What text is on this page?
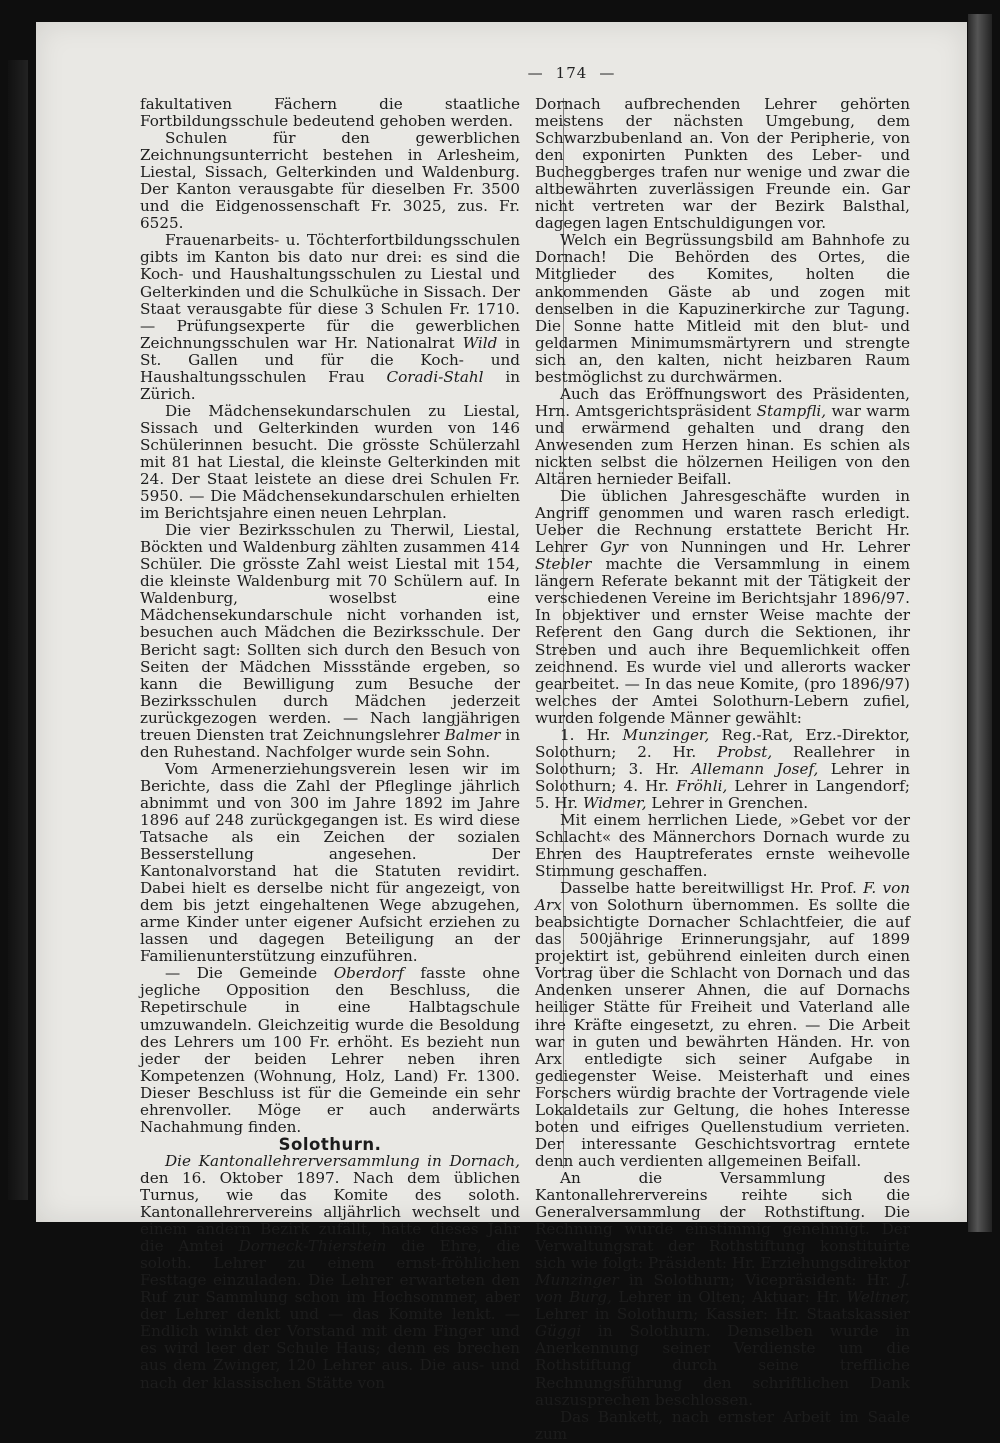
— 174 —

fakultativen Fächern die staatliche Fortbildungsschule bedeutend gehoben werden.

Schulen für den gewerblichen Zeichnungsunterricht bestehen in Arlesheim, Liestal, Sissach, Gelterkinden und Waldenburg. Der Kanton verausgabte für dieselben Fr. 3500 und die Eidgenossenschaft Fr. 3025, zus. Fr. 6525.

Frauenarbeits- u. Töchterfortbildungsschulen gibts im Kanton bis dato nur drei: es sind die Koch- und Haushaltungsschulen zu Liestal und Gelterkinden und die Schulküche in Sissach. Der Staat verausgabte für diese 3 Schulen Fr. 1710. — Prüfungsexperte für die gewerblichen Zeichnungsschulen war Hr. Nationalrat Wild in St. Gallen und für die Koch- und Haushaltungsschulen Frau Coradi-Stahl in Zürich.

Die Mädchensekundarschulen zu Liestal, Sissach und Gelterkinden wurden von 146 Schülerinnen besucht. Die grösste Schülerzahl mit 81 hat Liestal, die kleinste Gelterkinden mit 24. Der Staat leistete an diese drei Schulen Fr. 5950. — Die Mädchensekundarschulen erhielten im Berichtsjahre einen neuen Lehrplan.

Die vier Bezirksschulen zu Therwil, Liestal, Böckten und Waldenburg zählten zusammen 414 Schüler. Die grösste Zahl weist Liestal mit 154, die kleinste Waldenburg mit 70 Schülern auf. In Waldenburg, woselbst eine Mädchensekundarschule nicht vorhanden ist, besuchen auch Mädchen die Bezirksschule. Der Bericht sagt: Sollten sich durch den Besuch von Seiten der Mädchen Missstände ergeben, so kann die Bewilligung zum Besuche der Bezirksschulen durch Mädchen jederzeit zurückgezogen werden. — Nach langjährigen treuen Diensten trat Zeichnungslehrer Balmer in den Ruhestand. Nachfolger wurde sein Sohn.

Vom Armenerziehungsverein lesen wir im Berichte, dass die Zahl der Pfleglinge jährlich abnimmt und von 300 im Jahre 1892 im Jahre 1896 auf 248 zurückgegangen ist. Es wird diese Tatsache als ein Zeichen der sozialen Besserstellung angesehen. Der Kantonalvorstand hat die Statuten revidirt. Dabei hielt es derselbe nicht für angezeigt, von dem bis jetzt eingehaltenen Wege abzugehen, arme Kinder unter eigener Aufsicht erziehen zu lassen und dagegen Beteiligung an der Familienunterstützung einzuführen.

— Die Gemeinde Oberdorf fasste ohne jegliche Opposition den Beschluss, die Repetirschule in eine Halbtagschule umzuwandeln. Gleichzeitig wurde die Besoldung des Lehrers um 100 Fr. erhöht. Es bezieht nun jeder der beiden Lehrer neben ihren Kompetenzen (Wohnung, Holz, Land) Fr. 1300. Dieser Beschluss ist für die Gemeinde ein sehr ehrenvoller. Möge er auch anderwärts Nachahmung finden.

Solothurn.

Die Kantonallehrerversammlung in Dornach, den 16. Oktober 1897. Nach dem üblichen Turnus, wie das Komite des soloth. Kantonallehrervereins alljährlich wechselt und einem andern Bezirk zufällt, hatte dieses Jahr die Amtei Dorneck-Thierstein die Ehre, die soloth. Lehrer zu einem ernst-fröhlichen Festtage einzuladen. Die Lehrer erwarteten den Ruf zur Sammlung schon im Hochsommer, aber der Lehrer denkt und — das Komite lenkt. — Endlich winkt der Vorstand mit dem Finger und es wird leer der Schule Haus; denn es brechen aus dem Zwinger, 120 Lehrer aus. Die aus- und nach der klassischen Stätte von

Dornach aufbrechenden Lehrer gehörten meistens der nächsten Umgebung, dem Schwarzbubenland an. Von der Peripherie, von den exponirten Punkten des Leber- und Bucheggberges trafen nur wenige und zwar die altbewährten zuverlässigen Freunde ein. Gar nicht vertreten war der Bezirk Balsthal, dagegen lagen Entschuldigungen vor.

Welch ein Begrüssungsbild am Bahnhofe zu Dornach! Die Behörden des Ortes, die Mitglieder des Komites, holten die ankommenden Gäste ab und zogen mit denselben in die Kapuzinerkirche zur Tagung. Die Sonne hatte Mitleid mit den blut- und geldarmen Minimumsmärtyrern und strengte sich an, den kalten, nicht heizbaren Raum bestmöglichst zu durchwärmen.

Auch das Eröffnungswort des Präsidenten, Hrn. Amtsgerichtspräsident Stampfli, war warm und erwärmend gehalten und drang den Anwesenden zum Herzen hinan. Es schien als nickten selbst die hölzernen Heiligen von den Altären hernieder Beifall.

Die üblichen Jahresgeschäfte wurden in Angriff genommen und waren rasch erledigt. Ueber die Rechnung erstattete Bericht Hr. Lehrer Gyr von Nunningen und Hr. Lehrer Stebler machte die Versammlung in einem längern Referate bekannt mit der Tätigkeit der verschiedenen Vereine im Berichtsjahr 1896/97. In objektiver und ernster Weise machte der Referent den Gang durch die Sektionen, ihr Streben und auch ihre Bequemlichkeit offen zeichnend. Es wurde viel und allerorts wacker gearbeitet. — In das neue Komite, (pro 1896/97) welches der Amtei Solothurn-Lebern zufiel, wurden folgende Männer gewählt:

1. Hr. Munzinger, Reg.-Rat, Erz.-Direktor, Solothurn; 2. Hr. Probst, Reallehrer in Solothurn; 3. Hr. Allemann Josef, Lehrer in Solothurn; 4. Hr. Fröhli, Lehrer in Langendorf; 5. Hr. Widmer, Lehrer in Grenchen.

Mit einem herrlichen Liede, »Gebet vor der Schlacht« des Männerchors Dornach wurde zu Ehren des Hauptreferates ernste weihevolle Stimmung geschaffen.

Dasselbe hatte bereitwilligst Hr. Prof. F. von Arx von Solothurn übernommen. Es sollte die beabsichtigte Dornacher Schlachtfeier, die auf das 500jährige Erinnerungsjahr, auf 1899 projektirt ist, gebührend einleiten durch einen Vortrag über die Schlacht von Dornach und das Andenken unserer Ahnen, die auf Dornachs heiliger Stätte für Freiheit und Vaterland alle ihre Kräfte eingesetzt, zu ehren. — Die Arbeit war in guten und bewährten Händen. Hr. von Arx entledigte sich seiner Aufgabe in gediegenster Weise. Meisterhaft und eines Forschers würdig brachte der Vortragende viele Lokaldetails zur Geltung, die hohes Interesse boten und eifriges Quellenstudium verrieten. Der interessante Geschichtsvortrag erntete denn auch verdienten allgemeinen Beifall.

An die Versammlung des Kantonallehrervereins reihte sich die Generalversammlung der Rothstiftung. Die Rechnung wurde einstimmig genehmigt. Der Verwaltungsrat der Rothstiftung konstituirte sich wie folgt: Präsident: Hr. Erziehungsdirektor Munzinger in Solothurn; Vicepräsident: Hr. J. von Burg, Lehrer in Olten; Aktuar: Hr. Weltner, Lehrer in Solothurn; Kassier: Hr. Staatskassier Güggi in Solothurn. Demselben wurde in Anerkennung seiner Verdienste um die Rothstiftung durch seine treffliche Rechnungsführung den schriftlichen Dank auszusprechen beschlossen.

Das Bankett, nach ernster Arbeit im Saale zum
